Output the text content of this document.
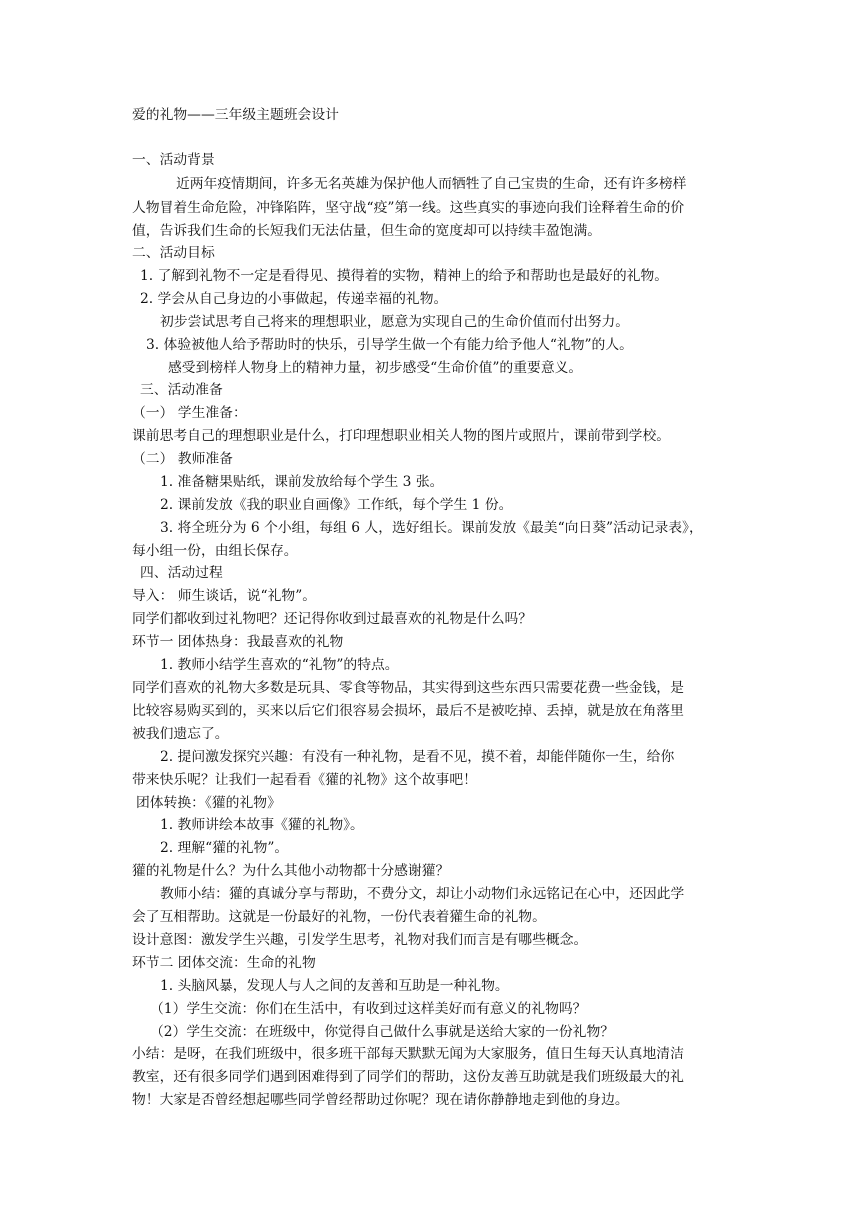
爱的礼物——三年级主题班会设计
一、活动背景
近两年疫情期间，许多无名英雄为保护他人而牺牲了自己宝贵的生命，还有许多榜样
人物冒着生命危险，冲锋陷阵，坚守战“疫”第一线。这些真实的事迹向我们诠释着生命的价
值，告诉我们生命的长短我们无法估量，但生命的宽度却可以持续丰盈饱满。
二、活动目标
1. 了解到礼物不一定是看得见、摸得着的实物，精神上的给予和帮助也是最好的礼物。
2. 学会从自己身边的小事做起，传递幸福的礼物。
初步尝试思考自己将来的理想职业，愿意为实现自己的生命价值而付出努力。
3. 体验被他人给予帮助时的快乐，引导学生做一个有能力给予他人“礼物”的人。
感受到榜样人物身上的精神力量，初步感受“生命价值”的重要意义。
三、活动准备
（一） 学生准备：
课前思考自己的理想职业是什么，打印理想职业相关人物的图片或照片，课前带到学校。
（二） 教师准备
1. 准备糖果贴纸，课前发放给每个学生 3 张。
2. 课前发放《我的职业自画像》工作纸，每个学生 1 份。
3. 将全班分为 6 个小组，每组 6 人，选好组长。课前发放《最美“向日葵”活动记录表》，
每小组一份，由组长保存。
四、活动过程
导入： 师生谈话，说“礼物”。
同学们都收到过礼物吧？还记得你收到过最喜欢的礼物是什么吗？
环节一 团体热身：我最喜欢的礼物
1. 教师小结学生喜欢的“礼物”的特点。
同学们喜欢的礼物大多数是玩具、零食等物品，其实得到这些东西只需要花费一些金钱，是
比较容易购买到的，买来以后它们很容易会损坏，最后不是被吃掉、丢掉，就是放在角落里
被我们遗忘了。
2. 提问激发探究兴趣：有没有一种礼物，是看不见，摸不着，却能伴随你一生，给你
带来快乐呢？让我们一起看看《獾的礼物》这个故事吧！
团体转换：《獾的礼物》
1. 教师讲绘本故事《獾的礼物》。
2. 理解“獾的礼物”。
獾的礼物是什么？为什么其他小动物都十分感谢獾？
教师小结：獾的真诚分享与帮助，不费分文，却让小动物们永远铭记在心中，还因此学
会了互相帮助。这就是一份最好的礼物，一份代表着獾生命的礼物。
设计意图：激发学生兴趣，引发学生思考，礼物对我们而言是有哪些概念。
环节二 团体交流：生命的礼物
1. 头脑风暴，发现人与人之间的友善和互助是一种礼物。
（1）学生交流：你们在生活中，有收到过这样美好而有意义的礼物吗？
（2）学生交流：在班级中，你觉得自己做什么事就是送给大家的一份礼物？
小结：是呀，在我们班级中，很多班干部每天默默无闻为大家服务，值日生每天认真地清洁
教室，还有很多同学们遇到困难得到了同学们的帮助，这份友善互助就是我们班级最大的礼
物！大家是否曾经想起哪些同学曾经帮助过你呢？现在请你静静地走到他的身边。
